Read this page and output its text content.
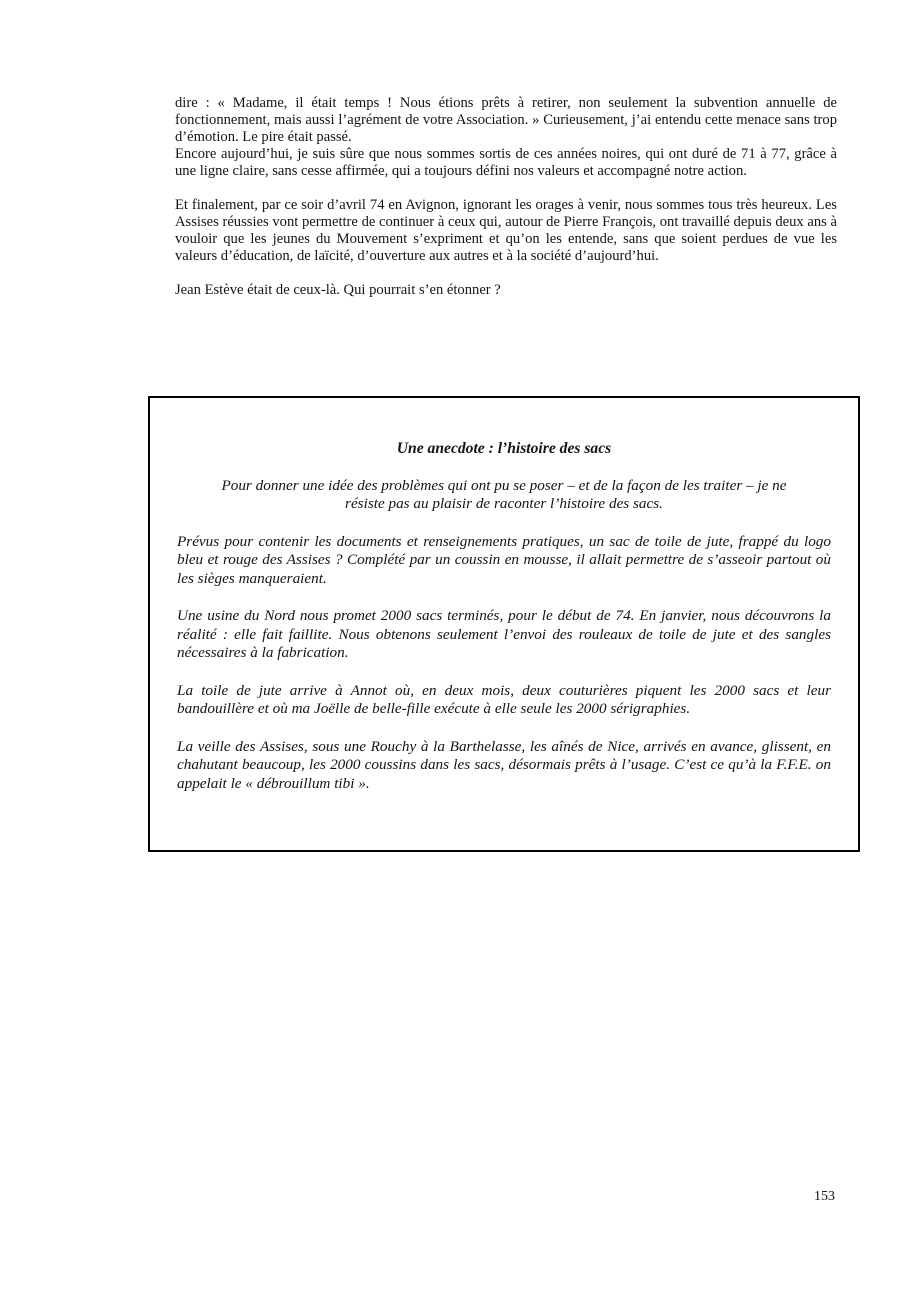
dire : « Madame, il était temps ! Nous étions prêts à retirer, non seulement la subvention annuelle de fonctionnement, mais aussi l’agrément de votre Association. » Curieusement, j’ai entendu cette menace sans trop d’émotion. Le pire était passé.

Encore aujourd’hui, je suis sûre que nous sommes sortis de ces années noires, qui ont duré de 71 à 77, grâce à une ligne claire, sans cesse affirmée, qui a toujours défini nos valeurs et accompagné notre action.

Et finalement, par ce soir d’avril 74 en Avignon, ignorant les orages à venir, nous sommes tous très heureux. Les Assises réussies vont permettre de continuer à ceux qui, autour de Pierre François, ont travaillé depuis deux ans à vouloir que les jeunes du Mouvement s’expriment et qu’on les entende, sans que soient perdues de vue les valeurs d’éducation, de laïcité, d’ouverture aux autres et à la société d’aujourd’hui.

Jean Estève était de ceux-là. Qui pourrait s’en étonner ?

Une anecdote : l’histoire des sacs

Pour donner une idée des problèmes qui ont pu se poser – et de la façon de les traiter – je ne résiste pas au plaisir de raconter l’histoire des sacs.

Prévus pour contenir les documents et renseignements pratiques, un sac de toile de jute, frappé du logo bleu et rouge des Assises ? Complété par un coussin en mousse, il allait permettre de s’asseoir partout où les sièges manqueraient.

Une usine du Nord nous promet 2000 sacs terminés, pour le début de 74. En janvier, nous découvrons la réalité : elle fait faillite. Nous obtenons seulement l’envoi des rouleaux de toile de jute et des sangles nécessaires à la fabrication.

La toile de jute arrive à Annot où, en deux mois, deux couturières piquent les 2000 sacs et leur bandouillère et où ma Joëlle de belle-fille exécute à elle seule les 2000 sérigraphies.

La veille des Assises, sous une Rouchy à la Barthelasse, les aînés de Nice, arrivés en avance, glissent, en chahutant beaucoup, les 2000 coussins dans les sacs, désormais prêts à l’usage. C’est ce qu’à la F.F.E. on appelait le « débrouillum tibi ».

153
